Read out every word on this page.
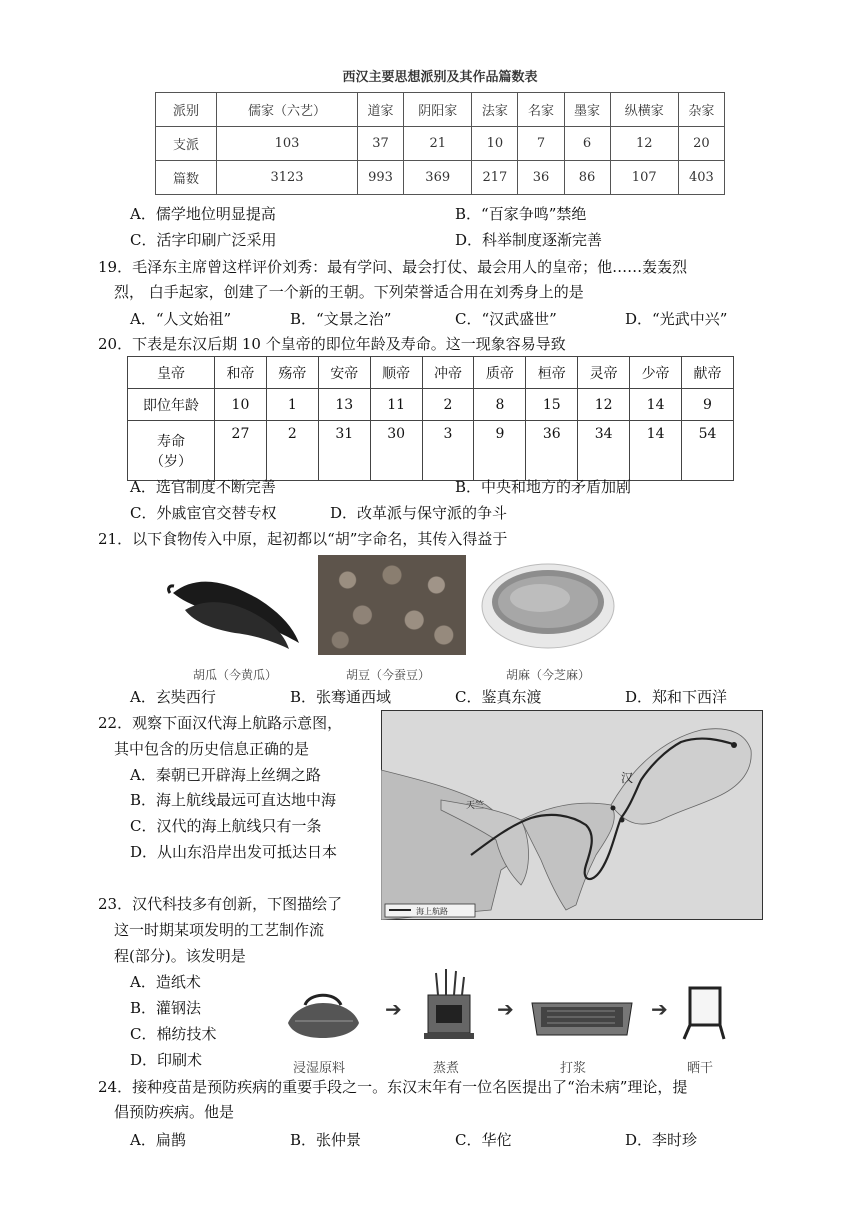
西汉主要思想派别及其作品篇数表
派别	儒家（六艺）	道家	阴阳家	法家	名家	墨家	纵横家	杂家
支派	103	37	21	10	7	6	12	20
篇数	3123	993	369	217	36	86	107	403
A．儒学地位明显提高	B．“百家争鸣”禁绝
C．活字印刷广泛采用	D．科举制度逐渐完善
19．毛泽东主席曾这样评价刘秀：最有学问、最会打仗、最会用人的皇帝；他……轰轰烈
烈， 白手起家，创建了一个新的王朝。下列荣誉适合用在刘秀身上的是
A．“人文始祖”	B．“文景之治”	C．“汉武盛世”	D．“光武中兴”
20．下表是东汉后期 10 个皇帝的即位年龄及寿命。这一现象容易导致
皇帝	和帝	殇帝	安帝	顺帝	冲帝	质帝	桓帝	灵帝	少帝	献帝
即位年龄	10	1	13	11	2	8	15	12	14	9

寿命
（岁）	27	2	31	30	3	9	36	34	14	54
A．选官制度不断完善	B．中央和地方的矛盾加剧
C．外戚宦官交替专权	D．改革派与保守派的争斗
21．以下食物传入中原，起初都以“胡”字命名，其传入得益于
胡瓜（今黄瓜）	胡豆（今蚕豆）	胡麻（今芝麻）
A．玄奘西行	B．张骞通西域	C．鉴真东渡	D．郑和下西洋
22．观察下面汉代海上航路示意图，
其中包含的历史信息正确的是
A．秦朝已开辟海上丝绸之路
B．海上航线最远可直达地中海
C．汉代的海上航线只有一条
D．从山东沿岸出发可抵达日本
汉
天竺
海上航路
23．汉代科技多有创新，下图描绘了
这一时期某项发明的工艺制作流
程(部分)。该发明是
A．造纸术
B．灌钢法
C．棉纺技术
D．印刷术
➔	➔	➔
浸湿原料	蒸煮	打浆	晒干
24．接种疫苗是预防疾病的重要手段之一。东汉末年有一位名医提出了“治未病”理论，提
倡预防疾病。他是
A．扁鹊	B．张仲景	C．华佗	D．李时珍
